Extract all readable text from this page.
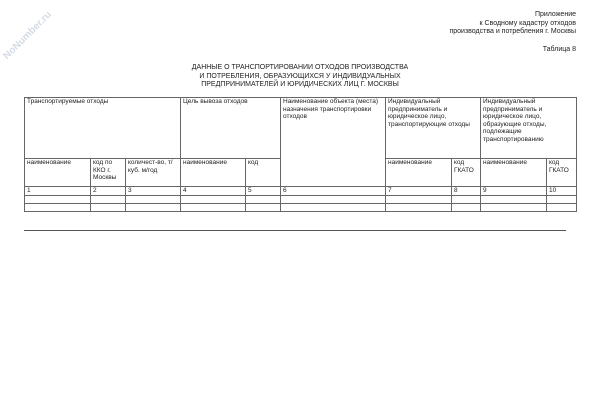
NoNumber.ru	Приложение
к Сводному кадастру отходов
производства и потребления г. Москвы
Таблица 8
ДАННЫЕ О ТРАНСПОРТИРОВАНИИ ОТХОДОВ ПРОИЗВОДСТВА
И ПОТРЕБЛЕНИЯ, ОБРАЗУЮЩИХСЯ У ИНДИВИДУАЛЬНЫХ
ПРЕДПРИНИМАТЕЛЕЙ И ЮРИДИЧЕСКИХ ЛИЦ Г. МОСКВЫ
Транспортируемые отходы			Цель вывоза отходов		Наименование объекта (места) назначения транспортировки отходов	Индивидуальный предприниматель и юридическое лицо, транспортирующие отходы		Индивидуальный предприниматель и юридическое лицо, образующие отходы, подлежащие транспортированию	
наименование	код по ККО г. Москвы	количест-во, т/куб. м/год	наименование	код		наименование	код ГКАТО	наименование	код ГКАТО
1	2	3	4	5	6	7	8	9	10
